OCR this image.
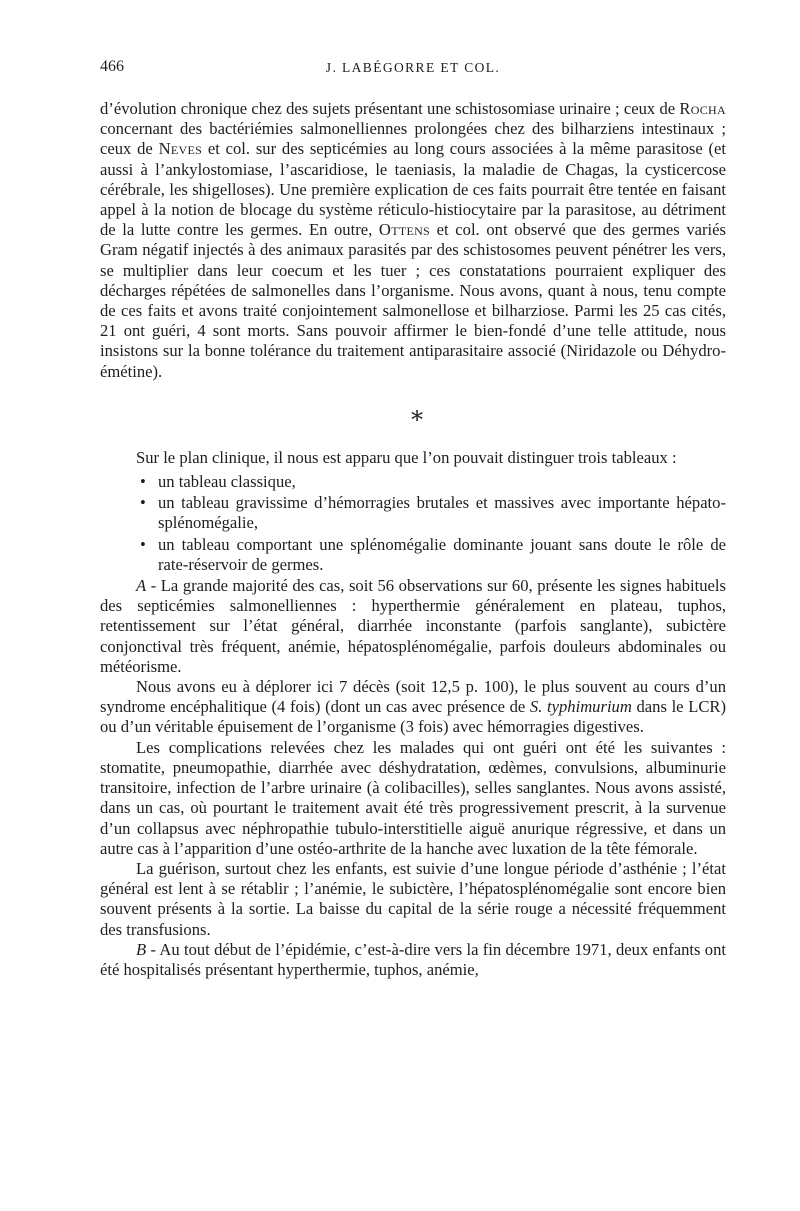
466	J. LABÉGORRE ET COL.

d’évolution chronique chez des sujets présentant une schistosomiase urinaire ; ceux de Rocha concernant des bactériémies salmonelliennes prolongées chez des bilharziens intestinaux ; ceux de Neves et col. sur des septicémies au long cours associées à la même parasitose (et aussi à l’ankylostomiase, l’ascaridiose, le taeniasis, la maladie de Chagas, la cysticercose cérébrale, les shigelloses). Une première explication de ces faits pourrait être tentée en faisant appel à la notion de blocage du système réticulo-histiocytaire par la parasitose, au détriment de la lutte contre les germes. En outre, Ottens et col. ont observé que des germes variés Gram négatif injectés à des animaux parasités par des schistosomes peuvent pénétrer les vers, se multiplier dans leur coecum et les tuer ; ces constatations pourraient expliquer des décharges répétées de salmonelles dans l’organisme. Nous avons, quant à nous, tenu compte de ces faits et avons traité conjointement salmonellose et bilharziose. Parmi les 25 cas cités, 21 ont guéri, 4 sont morts. Sans pouvoir affirmer le bien-fondé d’une telle attitude, nous insistons sur la bonne tolérance du traitement antiparasitaire associé (Niridazole ou Déhydro-émétine).

∗

Sur le plan clinique, il nous est apparu que l’on pouvait distinguer trois tableaux :

• un tableau classique,
• un tableau gravissime d’hémorragies brutales et massives avec importante hépato-splénomégalie,
• un tableau comportant une splénomégalie dominante jouant sans doute le rôle de rate-réservoir de germes.

A - La grande majorité des cas, soit 56 observations sur 60, présente les signes habituels des septicémies salmonelliennes : hyperthermie généralement en plateau, tuphos, retentissement sur l’état général, diarrhée inconstante (parfois sanglante), subictère conjonctival très fréquent, anémie, hépatosplénomégalie, parfois douleurs abdominales ou météorisme.

Nous avons eu à déplorer ici 7 décès (soit 12,5 p. 100), le plus souvent au cours d’un syndrome encéphalitique (4 fois) (dont un cas avec présence de S. typhimurium dans le LCR) ou d’un véritable épuisement de l’organisme (3 fois) avec hémorragies digestives.

Les complications relevées chez les malades qui ont guéri ont été les suivantes : stomatite, pneumopathie, diarrhée avec déshydratation, œdèmes, convulsions, albuminurie transitoire, infection de l’arbre urinaire (à colibacilles), selles sanglantes. Nous avons assisté, dans un cas, où pourtant le traitement avait été très progressivement prescrit, à la survenue d’un collapsus avec néphropathie tubulo-interstitielle aiguë anurique régressive, et dans un autre cas à l’apparition d’une ostéo-arthrite de la hanche avec luxation de la tête fémorale.

La guérison, surtout chez les enfants, est suivie d’une longue période d’asthénie ; l’état général est lent à se rétablir ; l’anémie, le subictère, l’hépatosplénomégalie sont encore bien souvent présents à la sortie. La baisse du capital de la série rouge a nécessité fréquemment des transfusions.

B - Au tout début de l’épidémie, c’est-à-dire vers la fin décembre 1971, deux enfants ont été hospitalisés présentant hyperthermie, tuphos, anémie,
